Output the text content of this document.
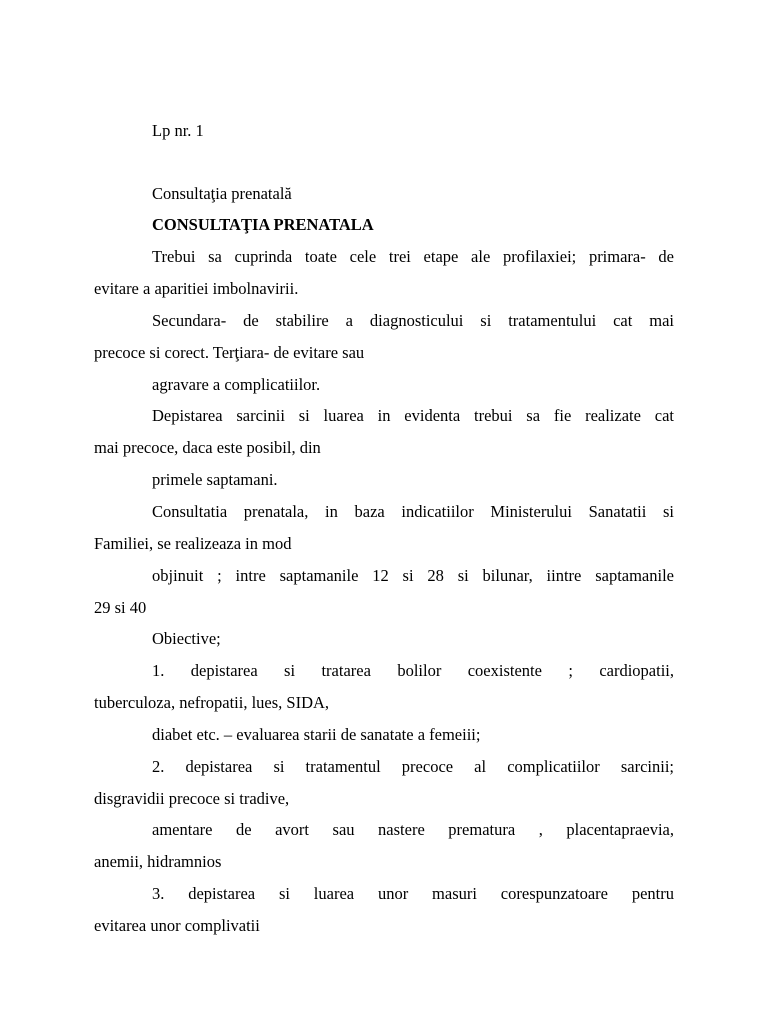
Lp nr. 1
Consultaţia prenatală
CONSULTAŢIA PRENATALA
Trebui sa cuprinda toate cele trei etape ale profilaxiei; primara- de
evitare a aparitiei imbolnavirii.
Secundara- de stabilire a diagnosticului si tratamentului cat mai
precoce si corect. Terţiara- de evitare sau
agravare a complicatiilor.
Depistarea sarcinii si luarea in evidenta trebui sa fie realizate cat
mai precoce, daca este posibil, din
primele saptamani.
Consultatia prenatala, in baza indicatiilor Ministerului Sanatatii si
Familiei, se realizeaza in mod
objinuit ; intre saptamanile 12 si 28 si bilunar, iintre saptamanile
29 si 40
Obiective;
1. depistarea si tratarea bolilor coexistente ; cardiopatii,
tuberculoza, nefropatii, lues, SIDA,
diabet etc. – evaluarea starii de sanatate a femeiii;
2. depistarea si tratamentul precoce al complicatiilor sarcinii;
disgravidii precoce si tradive,
amentare de avort sau nastere prematura , placentapraevia,
anemii, hidramnios
3. depistarea si luarea unor masuri corespunzatoare pentru
evitarea unor complivatii
